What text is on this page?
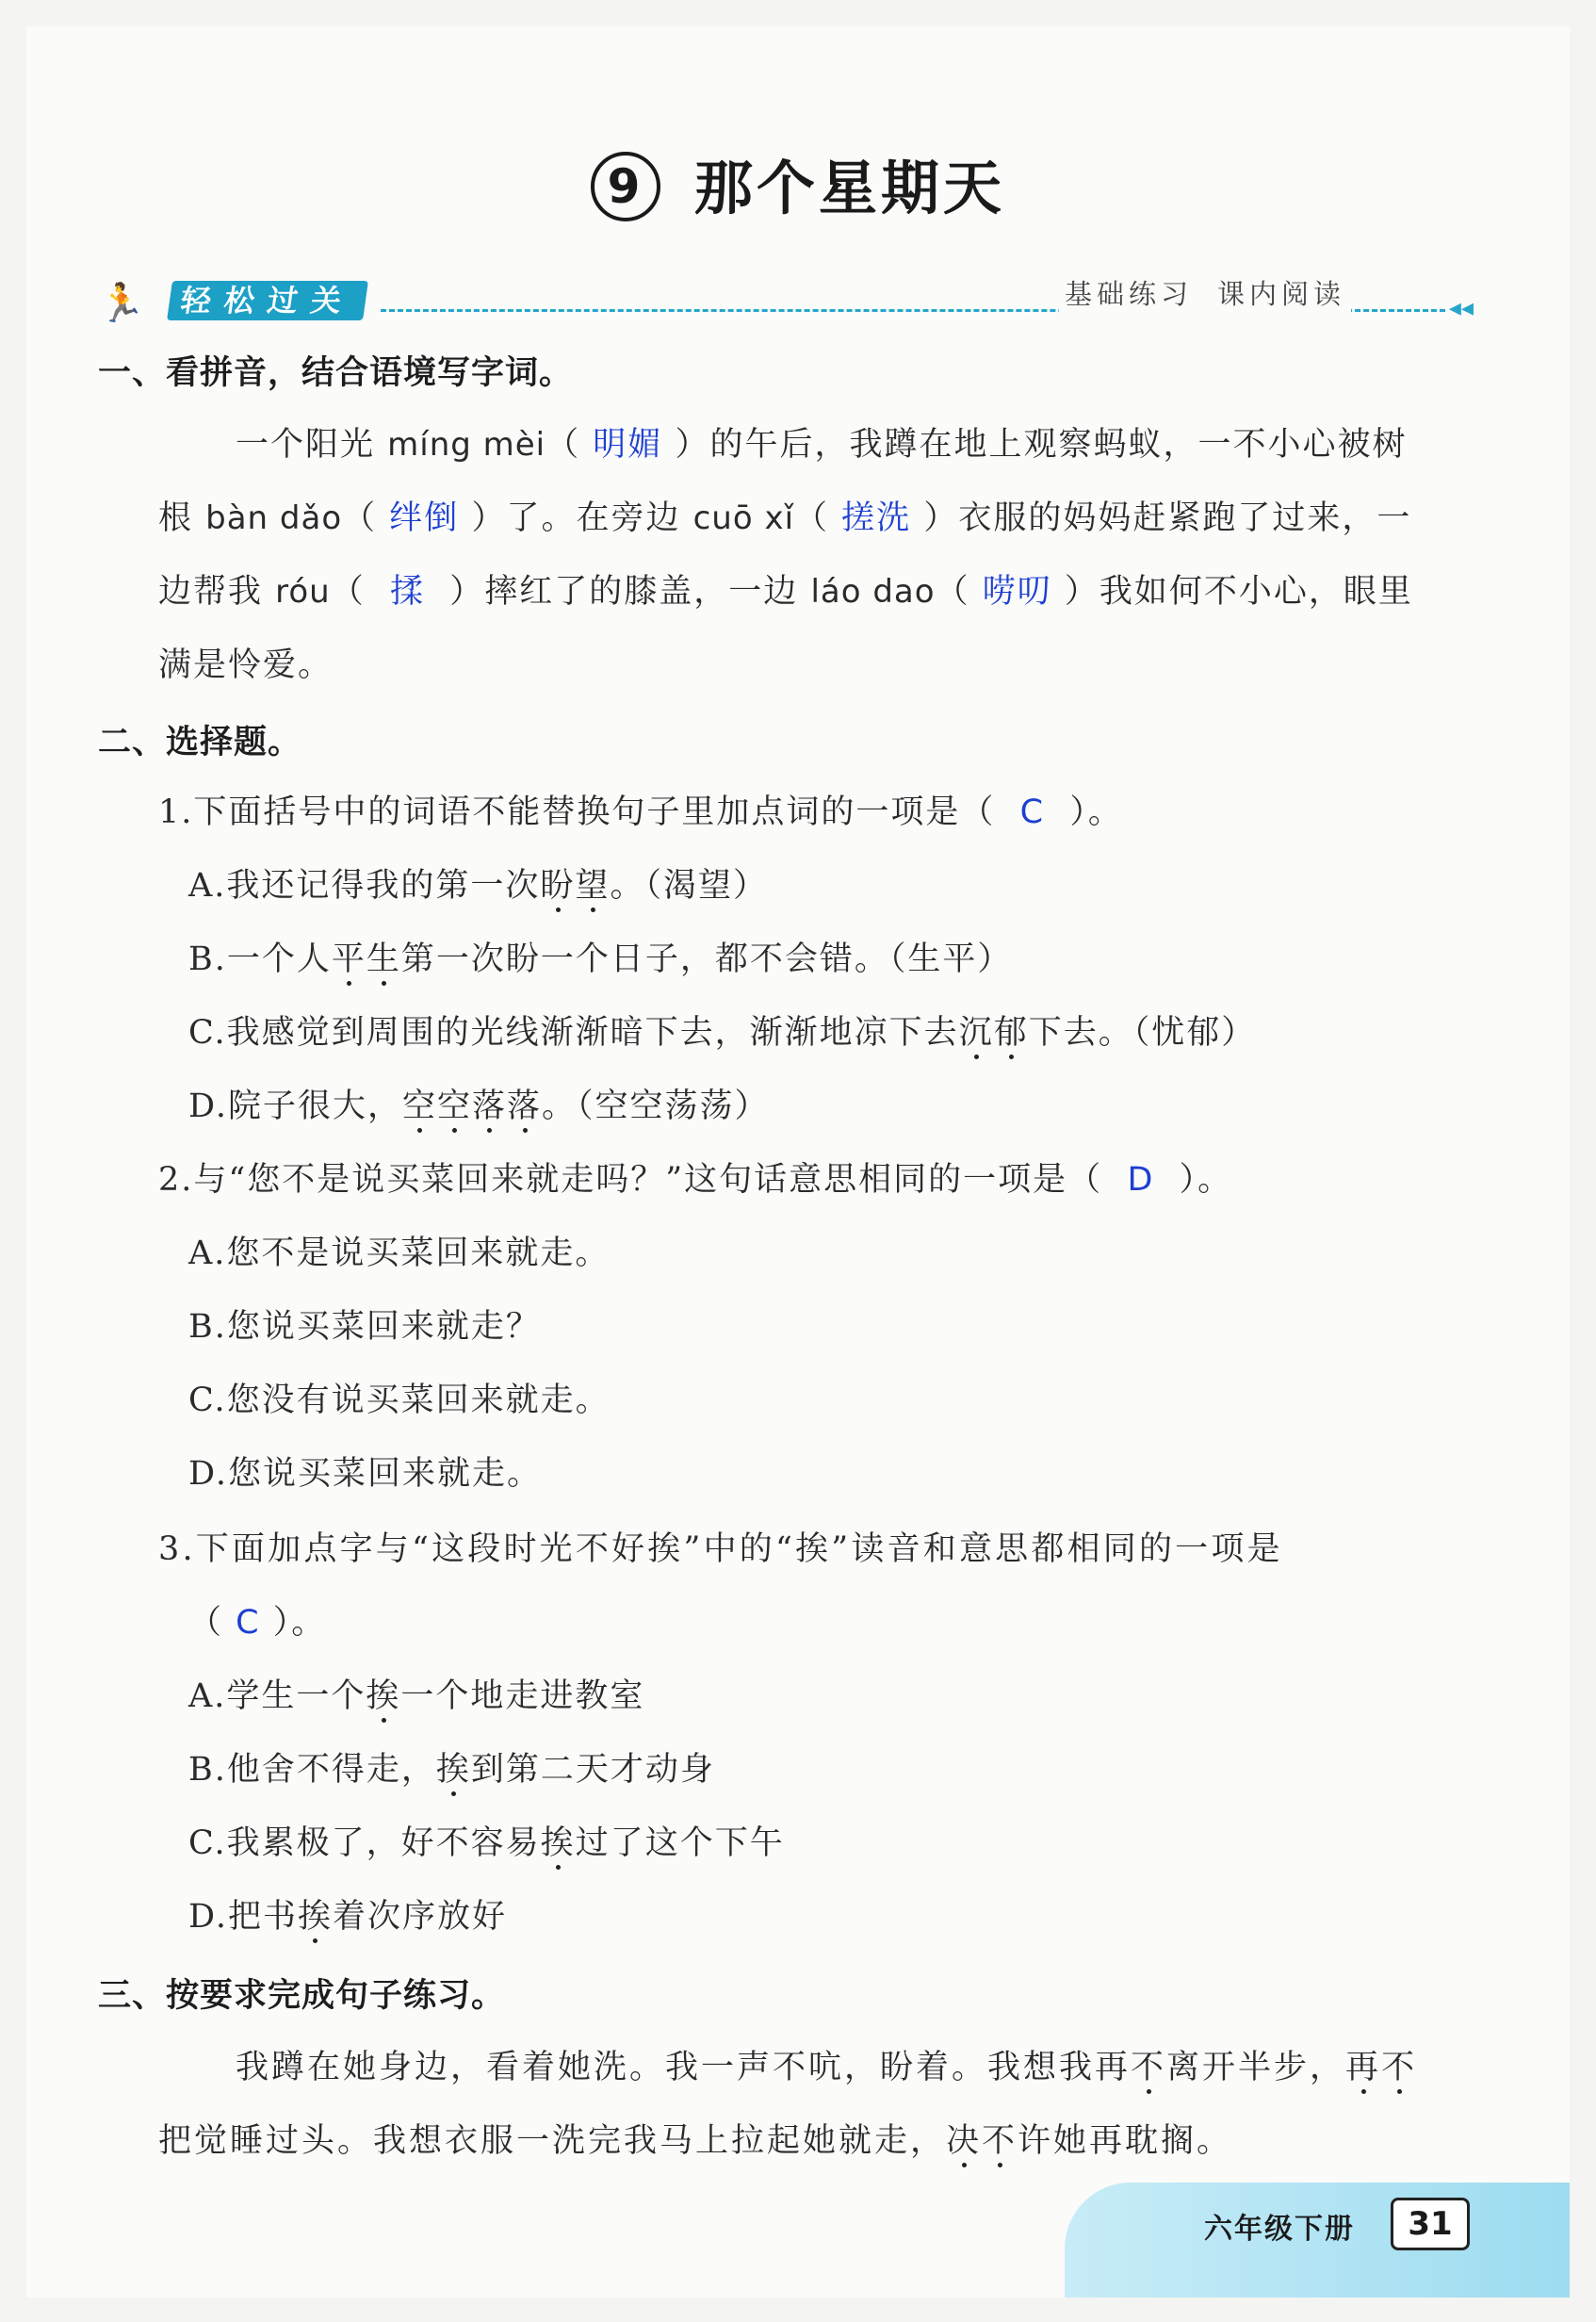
9 那个星期天
🏃	轻松过关	基础练习 课内阅读	◂◂
一、看拼音，结合语境写字词。
一个阳光 míng mèi（ 明媚 ）的午后，我蹲在地上观察蚂蚁，一不小心被树
根 bàn dǎo（ 绊倒 ）了。在旁边 cuō xǐ（ 搓洗 ）衣服的妈妈赶紧跑了过来，一
边帮我 róu（ 揉 ）摔红了的膝盖，一边 láo dao（ 唠叨 ）我如何不小心，眼里
满是怜爱。
二、选择题。
1.下面括号中的词语不能替换句子里加点词的一项是（ C ）。
A.我还记得我的第一次盼望。（渴望）
B.一个人平生第一次盼一个日子，都不会错。（生平）
C.我感觉到周围的光线渐渐暗下去，渐渐地凉下去沉郁下去。（忧郁）
D.院子很大，空空落落。（空空荡荡）
2.与“您不是说买菜回来就走吗？”这句话意思相同的一项是（ D ）。
A.您不是说买菜回来就走。
B.您说买菜回来就走？
C.您没有说买菜回来就走。
D.您说买菜回来就走。
3.下面加点字与“这段时光不好挨”中的“挨”读音和意思都相同的一项是
（ C ）。
A.学生一个挨一个地走进教室
B.他舍不得走，挨到第二天才动身
C.我累极了，好不容易挨过了这个下午
D.把书挨着次序放好
三、按要求完成句子练习。
我蹲在她身边，看着她洗。我一声不吭，盼着。我想我再不离开半步，再不
把觉睡过头。我想衣服一洗完我马上拉起她就走，决不许她再耽搁。
六年级下册	31
